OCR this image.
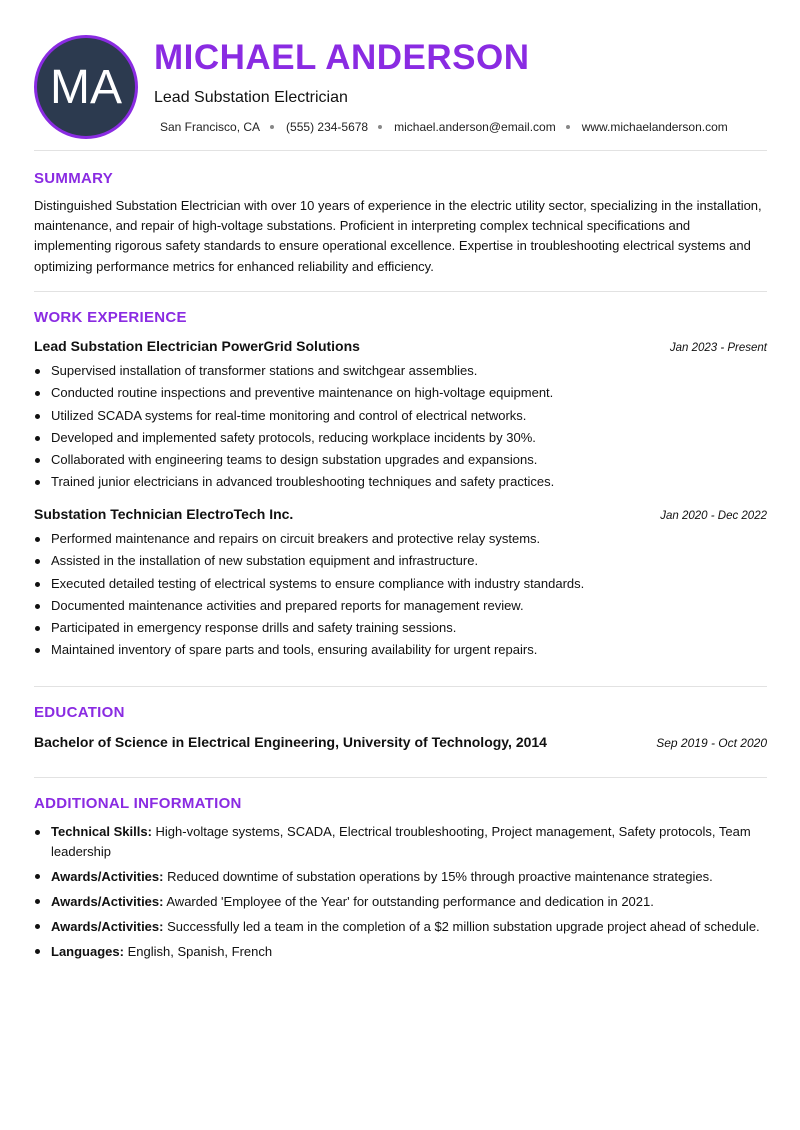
MA
MICHAEL ANDERSON
Lead Substation Electrician
San Francisco, CA (555) 234-5678 michael.anderson@email.com www.michaelanderson.com
SUMMARY
Distinguished Substation Electrician with over 10 years of experience in the electric utility sector, specializing in the installation, maintenance, and repair of high-voltage substations. Proficient in interpreting complex technical specifications and implementing rigorous safety standards to ensure operational excellence. Expertise in troubleshooting electrical systems and optimizing performance metrics for enhanced reliability and efficiency.
WORK EXPERIENCE
Lead Substation Electrician PowerGrid Solutions	Jan 2023 - Present
Supervised installation of transformer stations and switchgear assemblies.
Conducted routine inspections and preventive maintenance on high-voltage equipment.
Utilized SCADA systems for real-time monitoring and control of electrical networks.
Developed and implemented safety protocols, reducing workplace incidents by 30%.
Collaborated with engineering teams to design substation upgrades and expansions.
Trained junior electricians in advanced troubleshooting techniques and safety practices.
Substation Technician ElectroTech Inc.	Jan 2020 - Dec 2022
Performed maintenance and repairs on circuit breakers and protective relay systems.
Assisted in the installation of new substation equipment and infrastructure.
Executed detailed testing of electrical systems to ensure compliance with industry standards.
Documented maintenance activities and prepared reports for management review.
Participated in emergency response drills and safety training sessions.
Maintained inventory of spare parts and tools, ensuring availability for urgent repairs.
EDUCATION
Bachelor of Science in Electrical Engineering, University of Technology, 2014	Sep 2019 - Oct 2020
ADDITIONAL INFORMATION
Technical Skills: High-voltage systems, SCADA, Electrical troubleshooting, Project management, Safety protocols, Team leadership
Awards/Activities: Reduced downtime of substation operations by 15% through proactive maintenance strategies.
Awards/Activities: Awarded 'Employee of the Year' for outstanding performance and dedication in 2021.
Awards/Activities: Successfully led a team in the completion of a $2 million substation upgrade project ahead of schedule.
Languages: English, Spanish, French
